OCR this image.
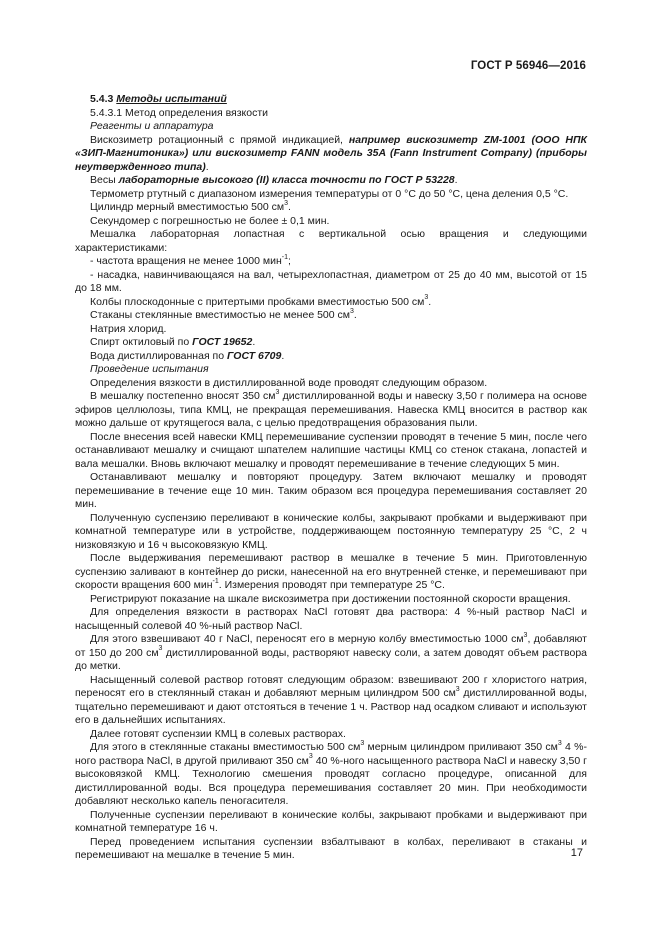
ГОСТ Р 56946—2016

5.4.3 Методы испытаний

5.4.3.1 Метод определения вязкости

Реагенты и аппаратура

Вискозиметр ротационный с прямой индикацией, например вискозиметр ZM-1001 (ООО НПК «ЗИП-Магнитоника») или вискозиметр FANN модель 35А (Fann Instrument Company) (приборы неутвержденного типа).

Весы лабораторные высокого (II) класса точности по ГОСТ Р 53228.

Термометр ртутный с диапазоном измерения температуры от 0 °С до 50 °С, цена деления 0,5 °С.

Цилиндр мерный вместимостью 500 $см^3$.

Секундомер с погрешностью не более ± 0,1 мин.

Мешалка лабораторная лопастная с вертикальной осью вращения и следующими характеристиками:

- частота вращения не менее 1000 мин$^{-1}$;

- насадка, навинчивающаяся на вал, четырехлопастная, диаметром от 25 до 40 мм, высотой от 15 до 18 мм.

Колбы плоскодонные с притертыми пробками вместимостью 500 $см^3$.

Стаканы стеклянные вместимостью не менее 500 $см^3$.

Натрия хлорид.

Спирт октиловый по ГОСТ 19652.

Вода дистиллированная по ГОСТ 6709.

Проведение испытания

Определения вязкости в дистиллированной воде проводят следующим образом.

В мешалку постепенно вносят 350 $см^3$ дистиллированной воды и навеску 3,50 г полимера на основе эфиров целлюлозы, типа КМЦ, не прекращая перемешивания. Навеска КМЦ вносится в раствор как можно дальше от крутящегося вала, с целью предотвращения образования пыли.

После внесения всей навески КМЦ перемешивание суспензии проводят в течение 5 мин, после чего останавливают мешалку и счищают шпателем налипшие частицы КМЦ со стенок стакана, лопастей и вала мешалки. Вновь включают мешалку и проводят перемешивание в течение следующих 5 мин.

Останавливают мешалку и повторяют процедуру. Затем включают мешалку и проводят перемешивание в течение еще 10 мин. Таким образом вся процедура перемешивания составляет 20 мин.

Полученную суспензию переливают в конические колбы, закрывают пробками и выдерживают при комнатной температуре или в устройстве, поддерживающем постоянную температуру 25 °С, 2 ч низковязкую и 16 ч высоковязкую КМЦ.

После выдерживания перемешивают раствор в мешалке в течение 5 мин. Приготовленную суспензию заливают в контейнер до риски, нанесенной на его внутренней стенке, и перемешивают при скорости вращения 600 мин$^{-1}$. Измерения проводят при температуре 25 °С.

Регистрируют показание на шкале вискозиметра при достижении постоянной скорости вращения.

Для определения вязкости в растворах NaCl готовят два раствора: 4 %-ный раствор NaCl и насыщенный солевой 40 %-ный раствор NaCl.

Для этого взвешивают 40 г NaCl, переносят его в мерную колбу вместимостью 1000 $см^3$, добавляют от 150 до 200 $см^3$ дистиллированной воды, растворяют навеску соли, а затем доводят объем раствора до метки.

Насыщенный солевой раствор готовят следующим образом: взвешивают 200 г хлористого натрия, переносят его в стеклянный стакан и добавляют мерным цилиндром 500 $см^3$ дистиллированной воды, тщательно перемешивают и дают отстояться в течение 1 ч. Раствор над осадком сливают и используют его в дальнейших испытаниях.

Далее готовят суспензии КМЦ в солевых растворах.

Для этого в стеклянные стаканы вместимостью 500 $см^3$ мерным цилиндром приливают 350 $см^3$ 4 %-ного раствора NaCl, в другой приливают 350 $см^3$ 40 %-ного насыщенного раствора NaCl и навеску 3,50 г высоковязкой КМЦ. Технологию смешения проводят согласно процедуре, описанной для дистиллированной воды. Вся процедура перемешивания составляет 20 мин. При необходимости добавляют несколько капель пеногасителя.

Полученные суспензии переливают в конические колбы, закрывают пробками и выдерживают при комнатной температуре 16 ч.

Перед проведением испытания суспензии взбалтывают в колбах, переливают в стаканы и перемешивают на мешалке в течение 5 мин.	17
